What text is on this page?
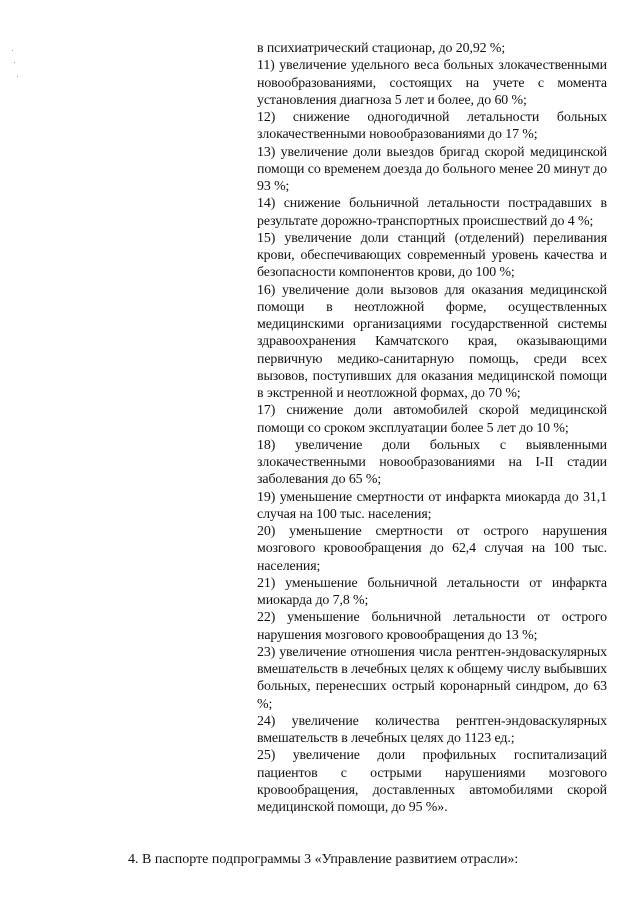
в психиатрический стационар, до 20,92 %;

11) увеличение удельного веса больных злокачественными новообразованиями, состоящих на учете с момента установления диагноза 5 лет и более, до 60 %;

12) снижение одногодичной летальности больных злокачественными новообразованиями до 17 %;

13) увеличение доли выездов бригад скорой медицинской помощи со временем доезда до больного менее 20 минут до 93 %;

14) снижение больничной летальности пострадавших в результате дорожно-транспортных происшествий до 4 %;

15) увеличение доли станций (отделений) переливания крови, обеспечивающих современный уровень качества и безопасности компонентов крови, до 100 %;

16) увеличение доли вызовов для оказания медицинской помощи в неотложной форме, осуществленных медицинскими организациями государственной системы здравоохранения Камчатского края, оказывающими первичную медико-санитарную помощь, среди всех вызовов, поступивших для оказания медицинской помощи в экстренной и неотложной формах, до 70 %;

17) снижение доли автомобилей скорой медицинской помощи со сроком эксплуатации более 5 лет до 10 %;

18) увеличение доли больных с выявленными злокачественными новообразованиями на I-II стадии заболевания до 65 %;

19) уменьшение смертности от инфаркта миокарда до 31,1 случая на 100 тыс. населения;

20) уменьшение смертности от острого нарушения мозгового кровообращения до 62,4 случая на 100 тыс. населения;

21) уменьшение больничной летальности от инфаркта миокарда до 7,8 %;

22) уменьшение больничной летальности от острого нарушения мозгового кровообращения до 13 %;

23) увеличение отношения числа рентген-эндоваскулярных вмешательств в лечебных целях к общему числу выбывших больных, перенесших острый коронарный синдром, до 63 %;

24) увеличение количества рентген-эндоваскулярных вмешательств в лечебных целях до 1123 ед.;

25) увеличение доли профильных госпитализаций пациентов с острыми нарушениями мозгового кровообращения, доставленных автомобилями скорой медицинской помощи, до 95 %».

4. В паспорте подпрограммы 3 «Управление развитием отрасли»:
